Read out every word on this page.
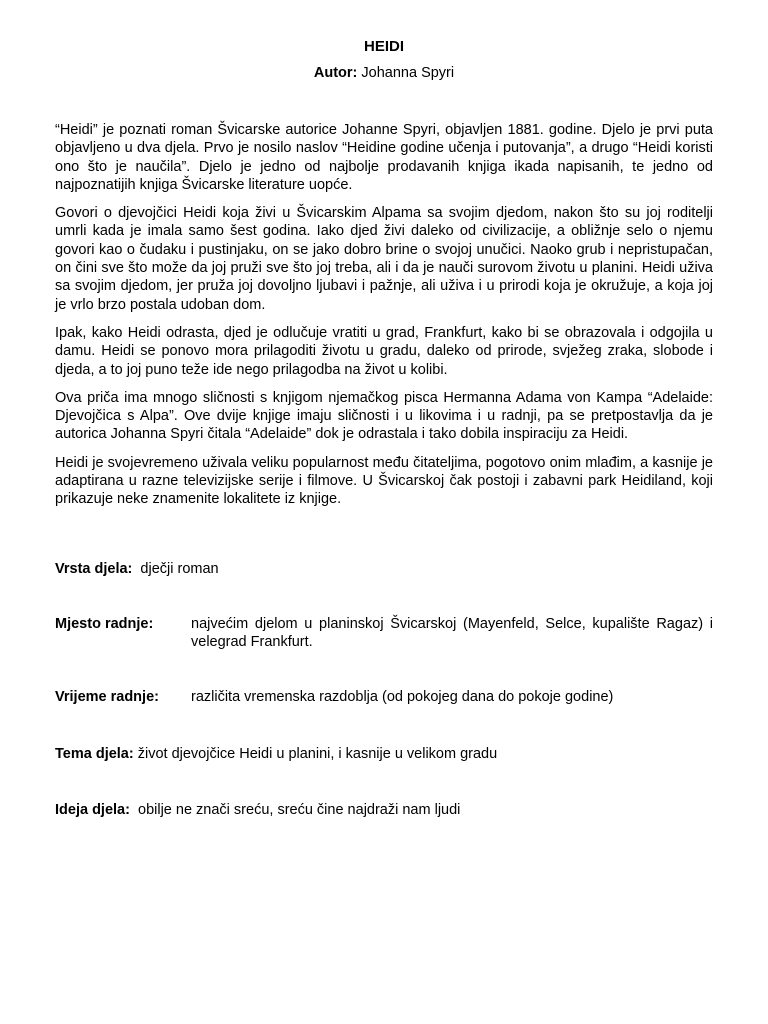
HEIDI

Autor: Johanna Spyri

“Heidi” je poznati roman Švicarske autorice Johanne Spyri, objavljen 1881. godine. Djelo je prvi puta objavljeno u dva djela. Prvo je nosilo naslov “Heidine godine učenja i putovanja”, a drugo “Heidi koristi ono što je naučila”. Djelo je jedno od najbolje prodavanih knjiga ikada napisanih, te jedno od najpoznatijih knjiga Švicarske literature uopće.

Govori o djevojčici Heidi koja živi u Švicarskim Alpama sa svojim djedom, nakon što su joj roditelji umrli kada je imala samo šest godina. Iako djed živi daleko od civilizacije, a obližnje selo o njemu govori kao o čudaku i pustinjaku, on se jako dobro brine o svojoj unučici. Naoko grub i nepristupačan, on čini sve što može da joj pruži sve što joj treba, ali i da je nauči surovom životu u planini. Heidi uživa sa svojim djedom, jer pruža joj dovoljno ljubavi i pažnje, ali uživa i u prirodi koja je okružuje, a koja joj je vrlo brzo postala udoban dom.

Ipak, kako Heidi odrasta, djed je odlučuje vratiti u grad, Frankfurt, kako bi se obrazovala i odgojila u damu. Heidi se ponovo mora prilagoditi životu u gradu, daleko od prirode, svježeg zraka, slobode i djeda, a to joj puno teže ide nego prilagodba na život u kolibi.

Ova priča ima mnogo sličnosti s knjigom njemačkog pisca Hermanna Adama von Kampa “Adelaide: Djevojčica s Alpa”. Ove dvije knjige imaju sličnosti i u likovima i u radnji, pa se pretpostavlja da je autorica Johanna Spyri čitala “Adelaide” dok je odrastala i tako dobila inspiraciju za Heidi.

Heidi je svojevremeno uživala veliku popularnost među čitateljima, pogotovo onim mlađim, a kasnije je adaptirana u razne televizijske serije i filmove. U Švicarskoj čak postoji i zabavni park Heidiland, koji prikazuje neke znamenite lokalitete iz knjige.

Vrsta djela:  dječji roman
Mjesto radnje:	najvećim djelom u planinskoj Švicarskoj (Mayenfeld, Selce, kupalište Ragaz) i velegrad Frankfurt.
Vrijeme radnje: različita vremenska razdoblja (od pokojeg dana do pokoje godine)
Tema djela: život djevojčice Heidi u planini, i kasnije u velikom gradu
Ideja djela:  obilje ne znači sreću, sreću čine najdraži nam ljudi
